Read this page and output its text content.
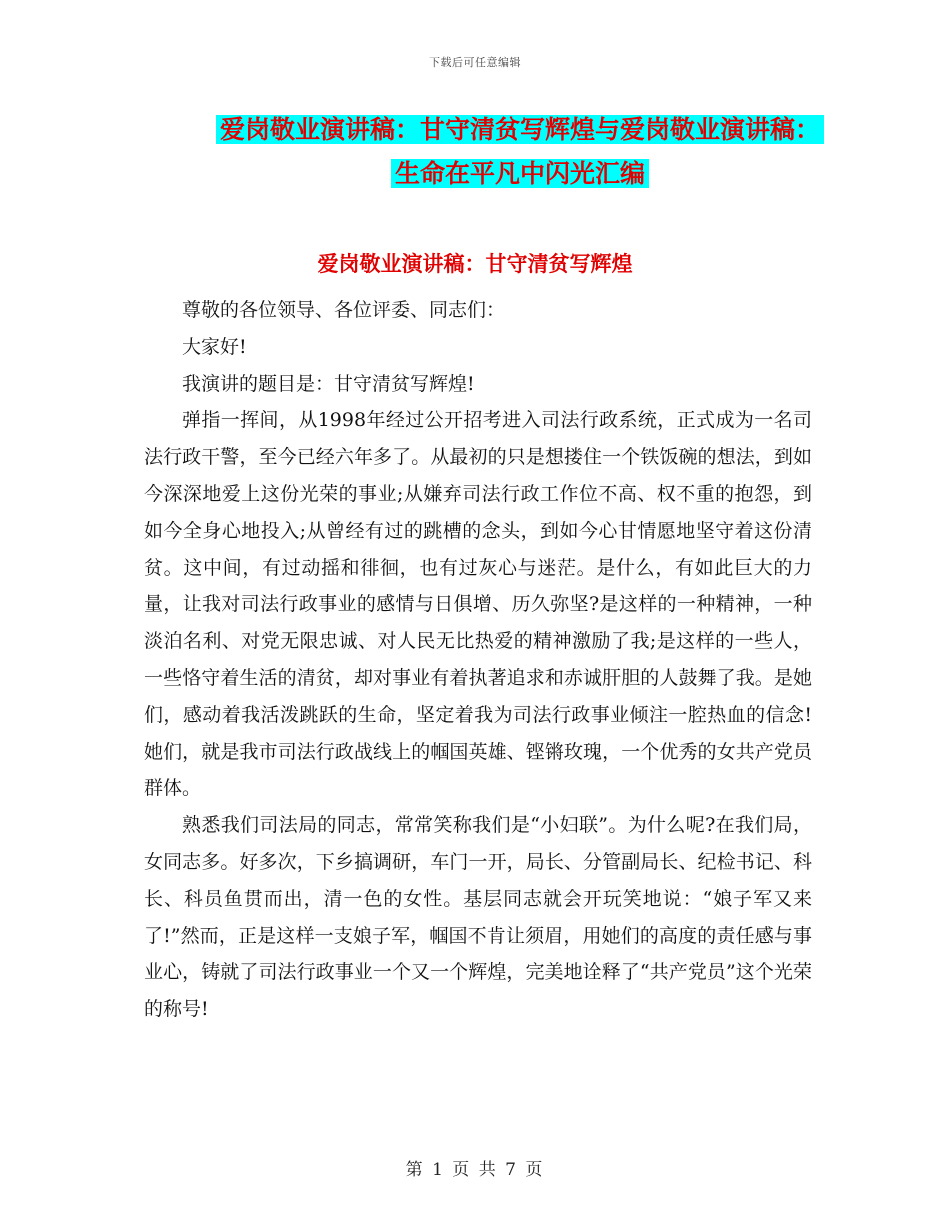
下载后可任意编辑
爱岗敬业演讲稿：甘守清贫写辉煌与爱岗敬业演讲稿：
生命在平凡中闪光汇编
爱岗敬业演讲稿：甘守清贫写辉煌

尊敬的各位领导、各位评委、同志们：

大家好!

我演讲的题目是：甘守清贫写辉煌!

弹指一挥间，从1998年经过公开招考进入司法行政系统，正式成为一名司法行政干警，至今已经六年多了。从最初的只是想搂住一个铁饭碗的想法，到如今深深地爱上这份光荣的事业;从嫌弃司法行政工作位不高、权不重的抱怨，到如今全身心地投入;从曾经有过的跳槽的念头，到如今心甘情愿地坚守着这份清贫。这中间，有过动摇和徘徊，也有过灰心与迷茫。是什么，有如此巨大的力量，让我对司法行政事业的感情与日俱增、历久弥坚?是这样的一种精神，一种淡泊名利、对党无限忠诚、对人民无比热爱的精神激励了我;是这样的一些人，一些恪守着生活的清贫，却对事业有着执著追求和赤诚肝胆的人鼓舞了我。是她们，感动着我活泼跳跃的生命，坚定着我为司法行政事业倾注一腔热血的信念!她们，就是我市司法行政战线上的帼国英雄、铿锵玫瑰，一个优秀的女共产党员群体。

熟悉我们司法局的同志，常常笑称我们是“小妇联”。为什么呢?在我们局，女同志多。好多次，下乡搞调研，车门一开，局长、分管副局长、纪检书记、科长、科员鱼贯而出，清一色的女性。基层同志就会开玩笑地说：“娘子军又来了!”然而，正是这样一支娘子军，帼国不肯让须眉，用她们的高度的责任感与事业心，铸就了司法行政事业一个又一个辉煌，完美地诠释了“共产党员”这个光荣的称号!

第 1 页 共 7 页
